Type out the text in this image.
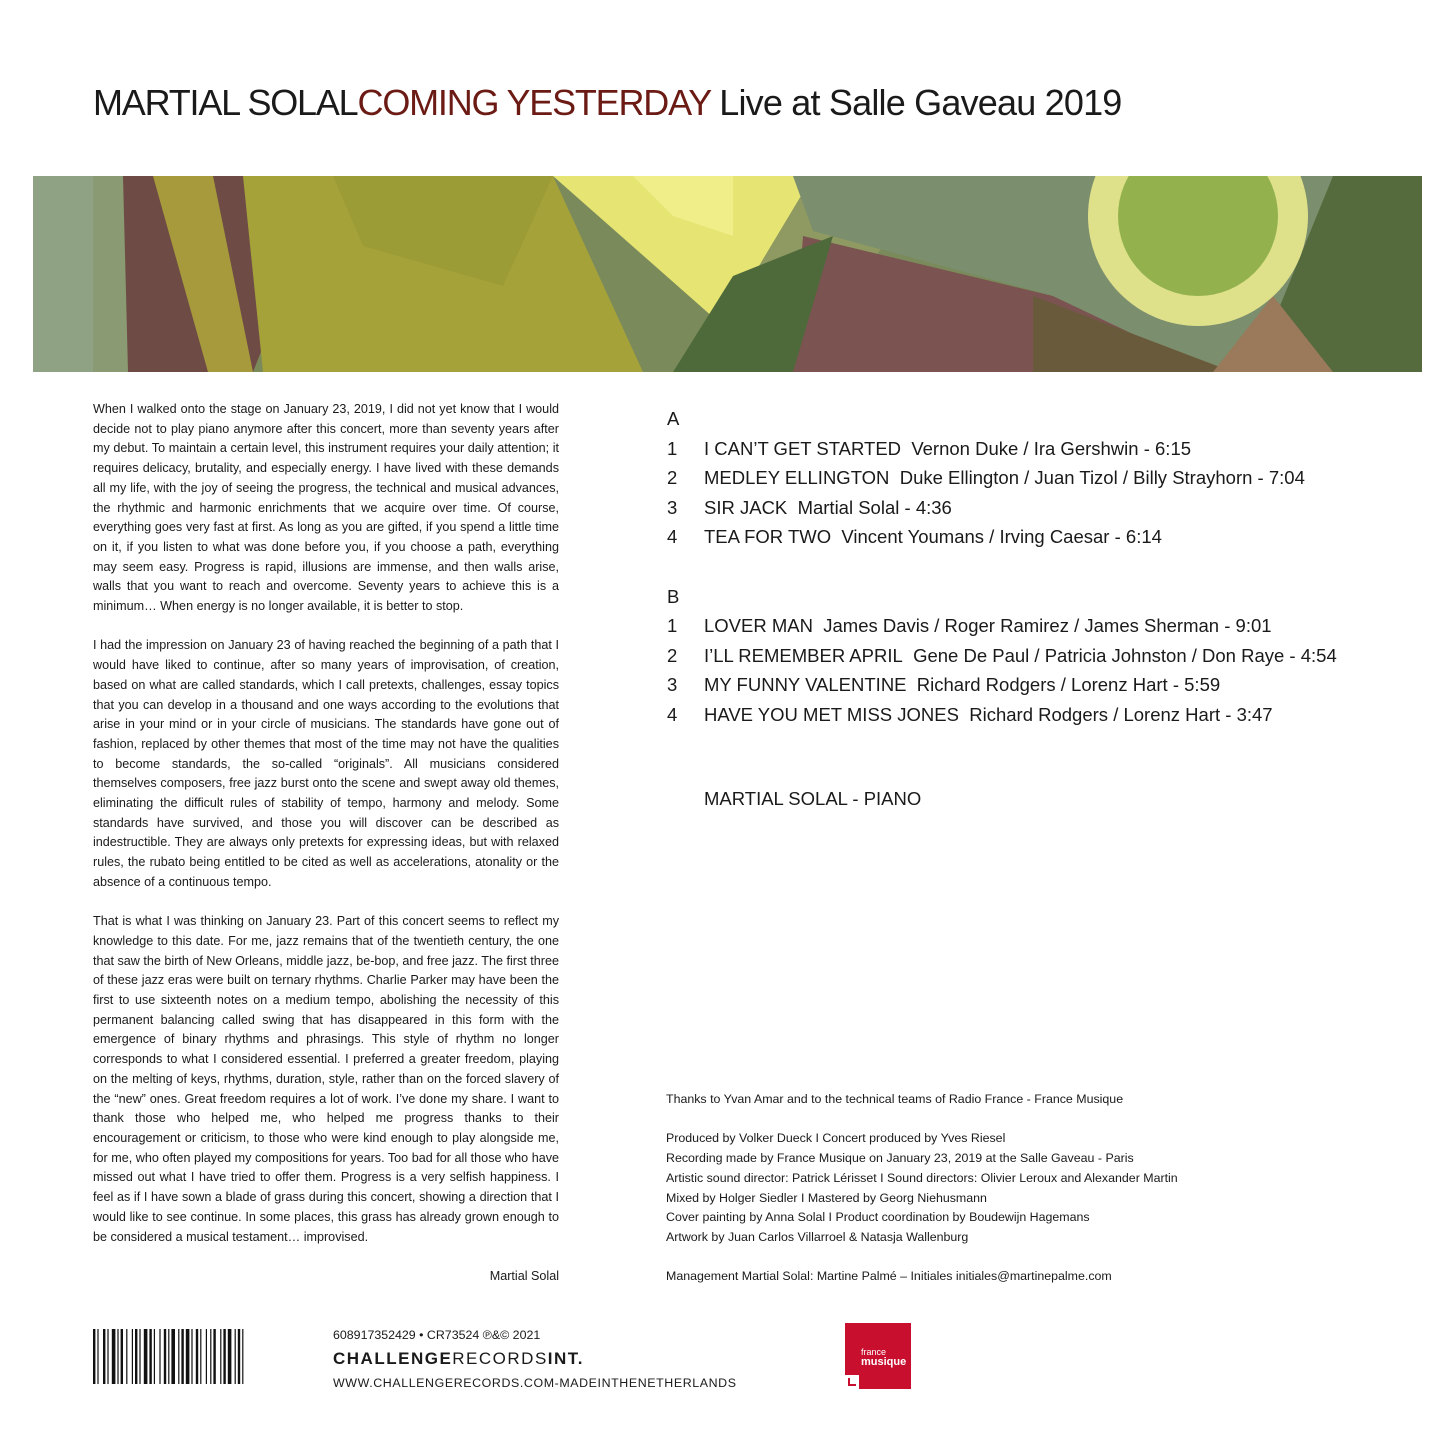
MARTIAL SOLALCOMING YESTERDAY Live at Salle Gaveau 2019

When I walked onto the stage on January 23, 2019, I did not yet know that I would decide not to play piano anymore after this concert, more than seventy years after my debut. To maintain a certain level, this instrument requires your daily attention; it requires delicacy, brutality, and especially energy. I have lived with these demands all my life, with the joy of seeing the progress, the technical and musical advances, the rhythmic and harmonic enrichments that we acquire over time. Of course, everything goes very fast at first. As long as you are gifted, if you spend a little time on it, if you listen to what was done before you, if you choose a path, everything may seem easy. Progress is rapid, illusions are immense, and then walls arise, walls that you want to reach and overcome. Seventy years to achieve this is a minimum… When energy is no longer available, it is better to stop.

I had the impression on January 23 of having reached the beginning of a path that I would have liked to continue, after so many years of improvisation, of creation, based on what are called standards, which I call pretexts, challenges, essay topics that you can develop in a thousand and one ways according to the evolutions that arise in your mind or in your circle of musicians. The standards have gone out of fashion, replaced by other themes that most of the time may not have the qualities to become standards, the so-called “originals”. All musicians considered themselves composers, free jazz burst onto the scene and swept away old themes, eliminating the difficult rules of stability of tempo, harmony and melody. Some standards have survived, and those you will discover can be described as indestructible. They are always only pretexts for expressing ideas, but with relaxed rules, the rubato being entitled to be cited as well as accelerations, atonality or the absence of a continuous tempo.

That is what I was thinking on January 23. Part of this concert seems to reflect my knowledge to this date. For me, jazz remains that of the twentieth century, the one that saw the birth of New Orleans, middle jazz, be-bop, and free jazz. The first three of these jazz eras were built on ternary rhythms. Charlie Parker may have been the first to use sixteenth notes on a medium tempo, abolishing the necessity of this permanent balancing called swing that has disappeared in this form with the emergence of binary rhythms and phrasings. This style of rhythm no longer corresponds to what I considered essential. I preferred a greater freedom, playing on the melting of keys, rhythms, duration, style, rather than on the forced slavery of the “new” ones. Great freedom requires a lot of work. I’ve done my share. I want to thank those who helped me, who helped me progress thanks to their encouragement or criticism, to those who were kind enough to play alongside me, for me, who often played my compositions for years. Too bad for all those who have missed out what I have tried to offer them. Progress is a very selfish happiness. I feel as if I have sown a blade of grass during this concert, showing a direction that I would like to see continue. In some places, this grass has already grown enough to be considered a musical testament… improvised.

Martial Solal
A
1 I CAN’T GET STARTED Vernon Duke / Ira Gershwin - 6:15
2 MEDLEY ELLINGTON Duke Ellington / Juan Tizol / Billy Strayhorn - 7:04
3 SIR JACK Martial Solal - 4:36
4 TEA FOR TWO Vincent Youmans / Irving Caesar - 6:14
B
1 LOVER MAN James Davis / Roger Ramirez / James Sherman - 9:01
2 I’LL REMEMBER APRIL Gene De Paul / Patricia Johnston / Don Raye - 4:54
3 MY FUNNY VALENTINE Richard Rodgers / Lorenz Hart - 5:59
4 HAVE YOU MET MISS JONES Richard Rodgers / Lorenz Hart - 3:47
MARTIAL SOLAL - PIANO
Thanks to Yvan Amar and to the technical teams of Radio France - France Musique
Produced by Volker Dueck I Concert produced by Yves Riesel
Recording made by France Musique on January 23, 2019 at the Salle Gaveau - Paris
Artistic sound director: Patrick Lérisset I Sound directors: Olivier Leroux and Alexander Martin
Mixed by Holger Siedler I Mastered by Georg Niehusmann
Cover painting by Anna Solal I Product coordination by Boudewijn Hagemans
Artwork by Juan Carlos Villarroel & Natasja Wallenburg
Management Martial Solal: Martine Palmé – Initiales initiales@martinepalme.com
608917352429 • CR73524 ℗&© 2021
CHALLENGERECORDSINT.
WWW.CHALLENGERECORDS.COM-MADEINTHENETHERLANDS
france
musique
